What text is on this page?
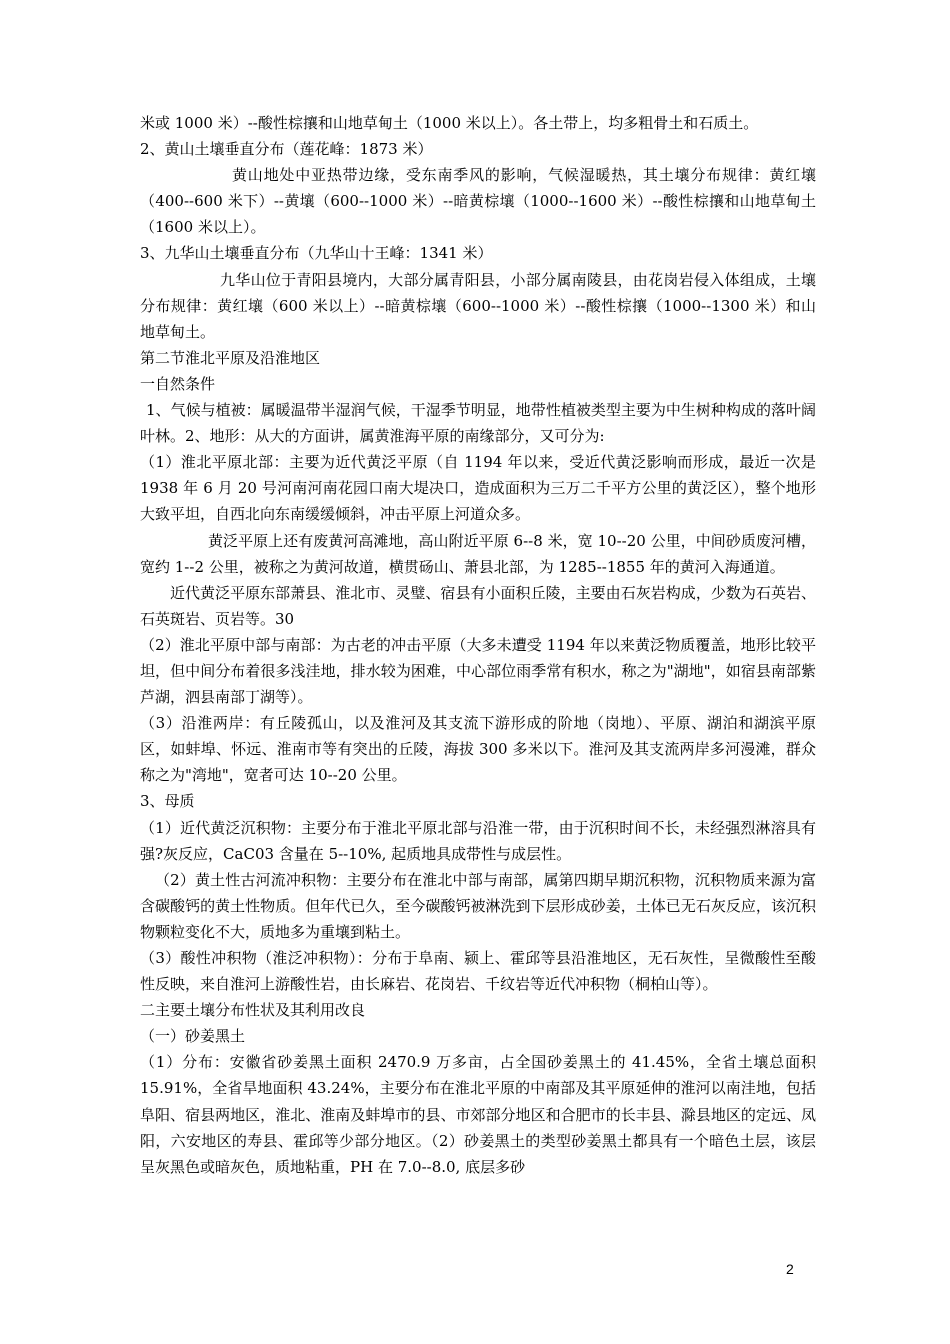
米或 1000 米）--酸性棕攘和山地草甸土（1000 米以上）。各土带上，均多粗骨土和石质土。

2、黄山土壤垂直分布（莲花峰：1873 米）

黄山地处中亚热带边缘，受东南季风的影响，气候湿暖热，其土壤分布规律：黄红壤（400--600 米下）--黄壤（600--1000 米）--暗黄棕壤（1000--1600 米）--酸性棕攘和山地草甸土（1600 米以上）。

3、九华山土壤垂直分布（九华山十王峰：1341 米）

九华山位于青阳县境内，大部分属青阳县，小部分属南陵县，由花岗岩侵入体组成，土壤分布规律：黄红壤（600 米以上）--暗黄棕壤（600--1000 米）--酸性棕攘（1000--1300 米）和山地草甸土。

第二节淮北平原及沿淮地区

一自然条件

1、气候与植被：属暖温带半湿润气候，干湿季节明显，地带性植被类型主要为中生树种构成的落叶阔叶林。2、地形：从大的方面讲，属黄淮海平原的南缘部分，又可分为:

（1）淮北平原北部：主要为近代黄泛平原（自 1194 年以来，受近代黄泛影响而形成，最近一次是 1938 年 6 月 20 号河南河南花园口南大堤决口，造成面积为三万二千平方公里的黄泛区），整个地形大致平坦，自西北向东南缓缓倾斜，冲击平原上河道众多。

黄泛平原上还有废黄河高滩地，高山附近平原 6--8 米，宽 10--20 公里，中间砂质废河槽，宽约 1--2 公里，被称之为黄河故道，横贯砀山、萧县北部，为 1285--1855 年的黄河入海通道。

近代黄泛平原东部萧县、淮北市、灵璧、宿县有小面积丘陵，主要由石灰岩构成，少数为石英岩、石英斑岩、页岩等。30

（2）淮北平原中部与南部：为古老的冲击平原（大多未遭受 1194 年以来黄泛物质覆盖，地形比较平坦，但中间分布着很多浅洼地，排水较为困难，中心部位雨季常有积水，称之为"湖地"，如宿县南部紫芦湖，泗县南部丁湖等）。

（3）沿淮两岸：有丘陵孤山，以及淮河及其支流下游形成的阶地（岗地）、平原、湖泊和湖滨平原区，如蚌埠、怀远、淮南市等有突出的丘陵，海拔 300 多米以下。淮河及其支流两岸多河漫滩，群众称之为"湾地"，宽者可达 10--20 公里。

3、母质

（1）近代黄泛沉积物：主要分布于淮北平原北部与沿淮一带，由于沉积时间不长，未经强烈淋溶具有强?灰反应，CaC03 含量在 5--10%, 起质地具成带性与成层性。

（2）黄土性古河流冲积物：主要分布在淮北中部与南部，属第四期早期沉积物，沉积物质来源为富含碳酸钙的黄土性物质。但年代已久，至今碳酸钙被淋洗到下层形成砂姜，土体已无石灰反应，该沉积物颗粒变化不大，质地多为重壤到粘土。

（3）酸性冲积物（淮泛冲积物）：分布于阜南、颍上、霍邱等县沿淮地区，无石灰性，呈微酸性至酸性反映，来自淮河上游酸性岩，由长麻岩、花岗岩、千纹岩等近代冲积物（桐柏山等）。

二主要土壤分布性状及其利用改良

（一）砂姜黑土

（1）分布：安徽省砂姜黑土面积 2470.9 万多亩，占全国砂姜黑土的 41.45%，全省土壤总面积 15.91%，全省旱地面积 43.24%，主要分布在淮北平原的中南部及其平原延伸的淮河以南洼地，包括阜阳、宿县两地区，淮北、淮南及蚌埠市的县、市郊部分地区和合肥市的长丰县、滁县地区的定远、凤阳，六安地区的寿县、霍邱等少部分地区。（2）砂姜黑土的类型砂姜黑土都具有一个暗色土层，该层呈灰黑色或暗灰色，质地粘重，PH 在 7.0--8.0, 底层多砂

2
